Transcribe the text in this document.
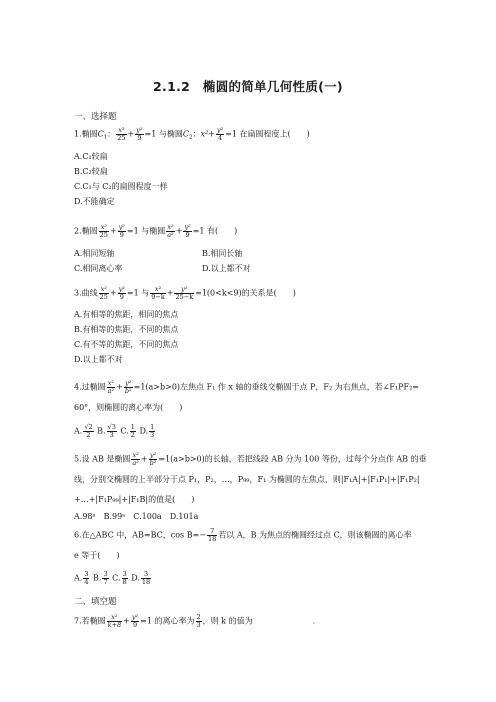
2.1.2　椭圆的简单几何性质(一)
一、选择题
1.椭圆$C_1$： $\frac{\text{x²}}{25} + \frac{\text{y²}}{9} =1$ 与椭圆$C_2$：$x^2+ \frac{\text{y²}}{4} =1$ 在扁圆程度上(　　)
A.C₁较扁
B.C₂较扁
C.C₁与 C₂的扁圆程度一样
D.不能确定
2.椭圆 $\frac{\text{x²}}{25} + \frac{\text{y²}}{9} =1$ 与椭圆 $\frac{\text{x²}}{\text{a²}} + \frac{\text{y²}}{9} =1$ 有(　　)
A.相同短轴	B.相同长轴
C.相同离心率	D.以上都不对
3.曲线 $\frac{\text{x²}}{25} + \frac{\text{y²}}{9} =1$ 与 $\frac{\text{x²}}{9-k} + \frac{\text{y²}}{25-k} =1(0<k<9)$的关系是(　　)
A.有相等的焦距，相同的焦点
B.有相等的焦距，不同的焦点
C.有不等的焦距，不同的焦点
D.以上都不对
4.过椭圆 $\frac{\text{x²}}{\text{a²}} + \frac{\text{y²}}{\text{b²}} =1(a>b>0)$左焦点 F₁ 作 x 轴的垂线交椭圆于点 P，F₂ 为右焦点，若∠F₁PF₂=
60°，则椭圆的离心率为(　　)
A. $\frac{√2}{2} B$. $\frac{√3}{3} C$. $\frac{1}{2} D$. $\frac{1}{3}$
5.设 AB 是椭圆 $\frac{\text{x²}}{\text{a²}} + \frac{\text{y²}}{\text{b²}} =1(a>b>0)$的长轴，若把线段 AB 分为 100 等份，过每个分点作 AB 的垂
线，分别交椭圆的上半部分于点 P₁，P₂，…，P₉₉，F₁ 为椭圆的左焦点，则|F₁A|+|F₁P₁|+|F₁P₂|
+…+|F₁P₉₉|+|F₁B|的值是(　　)
A.98ᵃ　B.99ᵃ　C.100a　D.101a
6.在△ABC 中，AB=BC，$\cos B=- \frac{7}{18}$ 若以 A，B 为焦点的椭圆经过点 C，则该椭圆的离心率
e 等于(　　)
A. $\frac{3}{4} B$. $\frac{3}{7} C$. $\frac{3}{8} D$. $\frac{3}{18}$
二、填空题
7.若椭圆 $\frac{\text{x²}}{k+8} + \frac{\text{y²}}{9} =1$ 的离心率为 $\frac{2}{3}$ ，则 k 的值为	.
